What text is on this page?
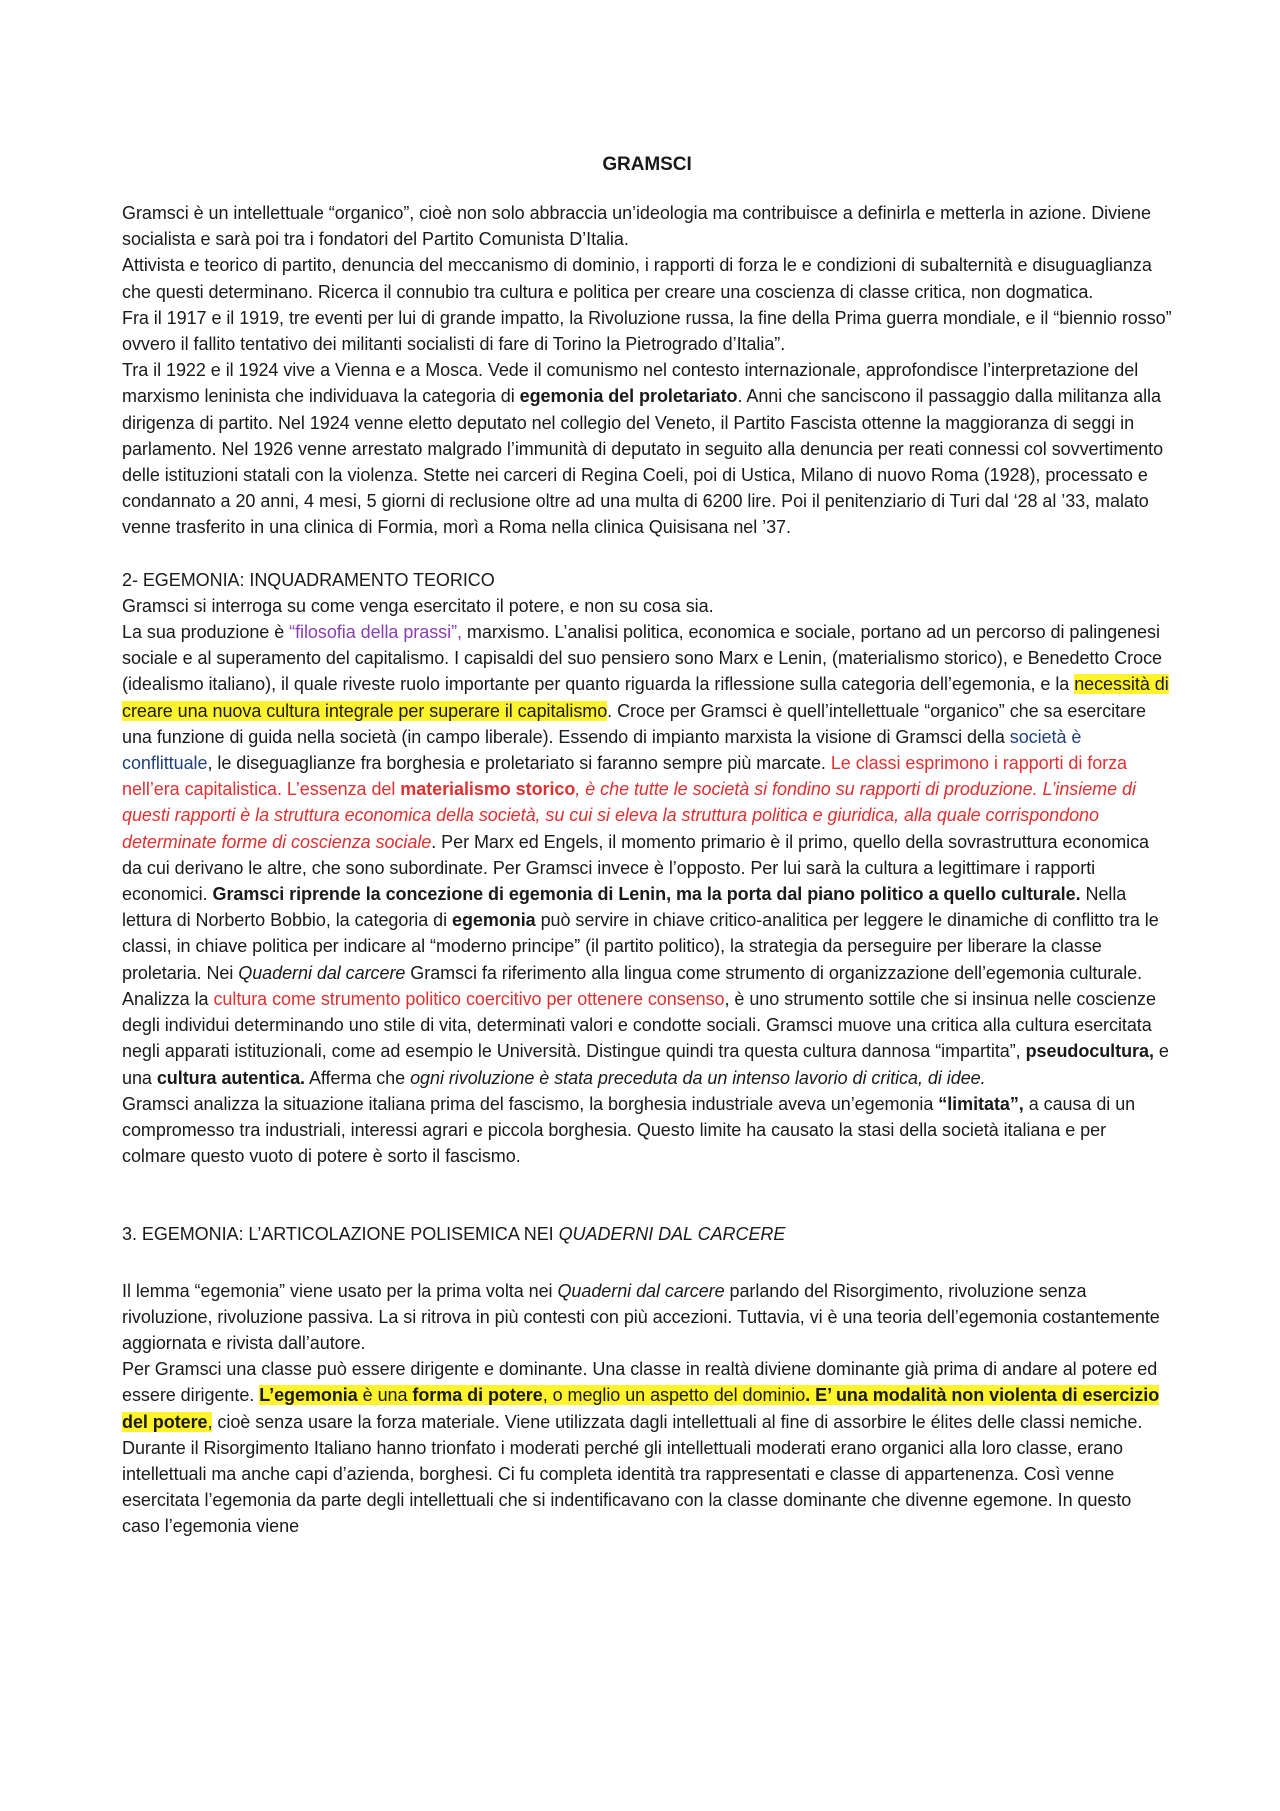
GRAMSCI

Gramsci è un intellettuale “organico”, cioè non solo abbraccia un’ideologia ma contribuisce a definirla e metterla in azione. Diviene socialista e sarà poi tra i fondatori del Partito Comunista D’Italia.

Attivista e teorico di partito, denuncia del meccanismo di dominio, i rapporti di forza le e condizioni di subalternità e disuguaglianza che questi determinano. Ricerca il connubio tra cultura e politica per creare una coscienza di classe critica, non dogmatica.

Fra il 1917 e il 1919, tre eventi per lui di grande impatto, la Rivoluzione russa, la fine della Prima guerra mondiale, e il “biennio rosso” ovvero il fallito tentativo dei militanti socialisti di fare di Torino la Pietrogrado d’Italia”.

Tra il 1922 e il 1924 vive a Vienna e a Mosca. Vede il comunismo nel contesto internazionale, approfondisce l’interpretazione del marxismo leninista che individuava la categoria di egemonia del proletariato. Anni che sanciscono il passaggio dalla militanza alla dirigenza di partito. Nel 1924 venne eletto deputato nel collegio del Veneto, il Partito Fascista ottenne la maggioranza di seggi in parlamento. Nel 1926 venne arrestato malgrado l’immunità di deputato in seguito alla denuncia per reati connessi col sovvertimento delle istituzioni statali con la violenza. Stette nei carceri di Regina Coeli, poi di Ustica, Milano di nuovo Roma (1928), processato e condannato a 20 anni, 4 mesi, 5 giorni di reclusione oltre ad una multa di 6200 lire. Poi il penitenziario di Turi dal ‘28 al ’33, malato venne trasferito in una clinica di Formia, morì a Roma nella clinica Quisisana nel ’37.

2- EGEMONIA: INQUADRAMENTO TEORICO

Gramsci si interroga su come venga esercitato il potere, e non su cosa sia.

La sua produzione è “filosofia della prassi”, marxismo. L’analisi politica, economica e sociale, portano ad un percorso di palingenesi sociale e al superamento del capitalismo. I capisaldi del suo pensiero sono Marx e Lenin, (materialismo storico), e Benedetto Croce (idealismo italiano), il quale riveste ruolo importante per quanto riguarda la riflessione sulla categoria dell’egemonia, e la necessità di creare una nuova cultura integrale per superare il capitalismo. Croce per Gramsci è quell’intellettuale “organico” che sa esercitare una funzione di guida nella società (in campo liberale). Essendo di impianto marxista la visione di Gramsci della società è conflittuale, le diseguaglianze fra borghesia e proletariato si faranno sempre più marcate. Le classi esprimono i rapporti di forza nell’era capitalistica. L’essenza del materialismo storico, è che tutte le società si fondino su rapporti di produzione. L’insieme di questi rapporti è la struttura economica della società, su cui si eleva la struttura politica e giuridica, alla quale corrispondono determinate forme di coscienza sociale. Per Marx ed Engels, il momento primario è il primo, quello della sovrastruttura economica da cui derivano le altre, che sono subordinate. Per Gramsci invece è l’opposto. Per lui sarà la cultura a legittimare i rapporti economici. Gramsci riprende la concezione di egemonia di Lenin, ma la porta dal piano politico a quello culturale. Nella lettura di Norberto Bobbio, la categoria di egemonia può servire in chiave critico-analitica per leggere le dinamiche di conflitto tra le classi, in chiave politica per indicare al “moderno principe” (il partito politico), la strategia da perseguire per liberare la classe proletaria. Nei Quaderni dal carcere Gramsci fa riferimento alla lingua come strumento di organizzazione dell’egemonia culturale. Analizza la cultura come strumento politico coercitivo per ottenere consenso, è uno strumento sottile che si insinua nelle coscienze degli individui determinando uno stile di vita, determinati valori e condotte sociali. Gramsci muove una critica alla cultura esercitata negli apparati istituzionali, come ad esempio le Università. Distingue quindi tra questa cultura dannosa “impartita”, pseudocultura, e una cultura autentica. Afferma che ogni rivoluzione è stata preceduta da un intenso lavorio di critica, di idee.

Gramsci analizza la situazione italiana prima del fascismo, la borghesia industriale aveva un’egemonia “limitata”, a causa di un compromesso tra industriali, interessi agrari e piccola borghesia. Questo limite ha causato la stasi della società italiana e per colmare questo vuoto di potere è sorto il fascismo.

3. EGEMONIA: L’ARTICOLAZIONE POLISEMICA NEI QUADERNI DAL CARCERE

Il lemma “egemonia” viene usato per la prima volta nei Quaderni dal carcere parlando del Risorgimento, rivoluzione senza rivoluzione, rivoluzione passiva. La si ritrova in più contesti con più accezioni. Tuttavia, vi è una teoria dell’egemonia costantemente aggiornata e rivista dall’autore.

Per Gramsci una classe può essere dirigente e dominante. Una classe in realtà diviene dominante già prima di andare al potere ed essere dirigente. L’egemonia è una forma di potere, o meglio un aspetto del dominio. E’ una modalità non violenta di esercizio del potere, cioè senza usare la forza materiale. Viene utilizzata dagli intellettuali al fine di assorbire le élites delle classi nemiche. Durante il Risorgimento Italiano hanno trionfato i moderati perché gli intellettuali moderati erano organici alla loro classe, erano intellettuali ma anche capi d’azienda, borghesi. Ci fu completa identità tra rappresentati e classe di appartenenza. Così venne esercitata l’egemonia da parte degli intellettuali che si indentificavano con la classe dominante che divenne egemone. In questo caso l’egemonia viene
